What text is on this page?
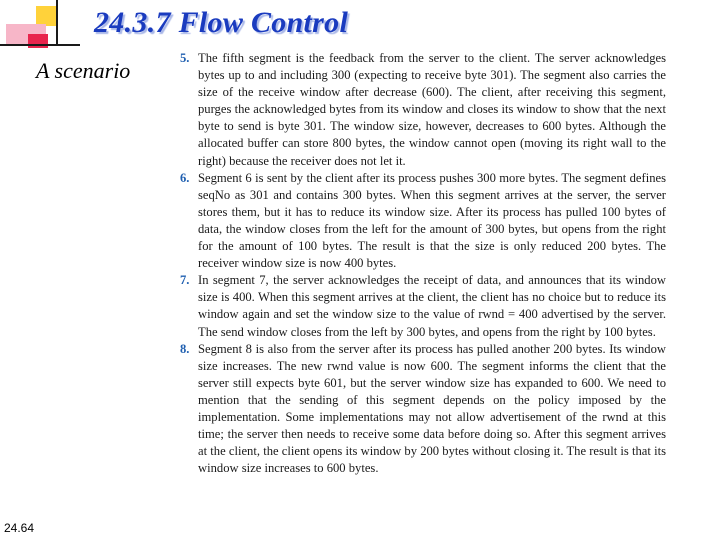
24.3.7 Flow Control
A scenario	5. The fifth segment is the feedback from the server to the client. The server acknowledges bytes up to and including 300 (expecting to receive byte 301). The segment also carries the size of the receive window after decrease (600). The client, after receiving this segment, purges the acknowledged bytes from its window and closes its window to show that the next byte to send is byte 301. The window size, however, decreases to 600 bytes. Although the allocated buffer can store 800 bytes, the window cannot open (moving its right wall to the right) because the receiver does not let it.
6. Segment 6 is sent by the client after its process pushes 300 more bytes. The segment defines seqNo as 301 and contains 300 bytes. When this segment arrives at the server, the server stores them, but it has to reduce its window size. After its process has pulled 100 bytes of data, the window closes from the left for the amount of 300 bytes, but opens from the right for the amount of 100 bytes. The result is that the size is only reduced 200 bytes. The receiver window size is now 400 bytes.
7. In segment 7, the server acknowledges the receipt of data, and announces that its window size is 400. When this segment arrives at the client, the client has no choice but to reduce its window again and set the window size to the value of rwnd = 400 advertised by the server. The send window closes from the left by 300 bytes, and opens from the right by 100 bytes.
8. Segment 8 is also from the server after its process has pulled another 200 bytes. Its window size increases. The new rwnd value is now 600. The segment informs the client that the server still expects byte 601, but the server window size has expanded to 600. We need to mention that the sending of this segment depends on the policy imposed by the implementation. Some implementations may not allow advertisement of the rwnd at this time; the server then needs to receive some data before doing so. After this segment arrives at the client, the client opens its window by 200 bytes without closing it. The result is that its window size increases to 600 bytes.
24.64
